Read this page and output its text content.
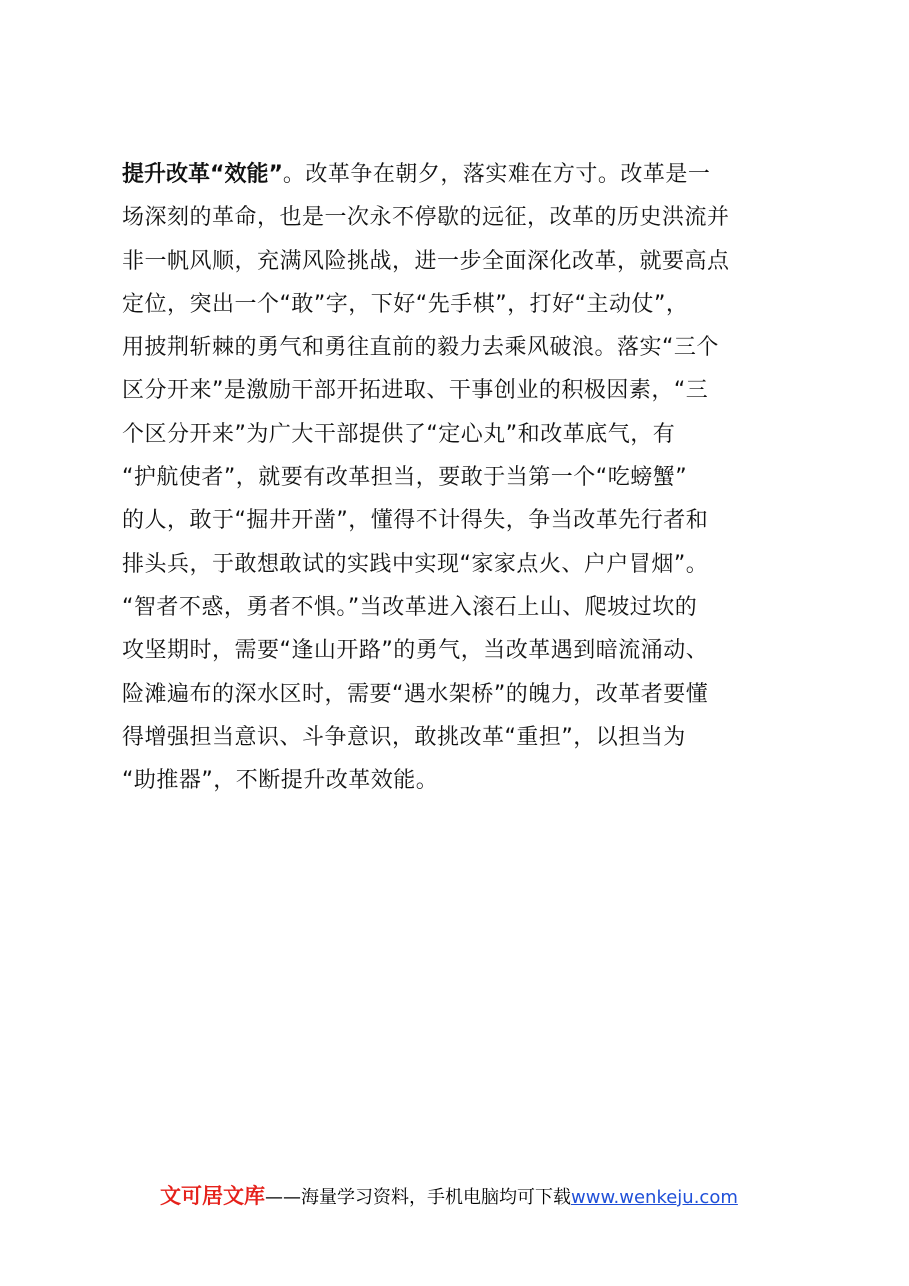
提升改革“效能”。改革争在朝夕，落实难在方寸。改革是一
场深刻的革命，也是一次永不停歇的远征，改革的历史洪流并
非一帆风顺，充满风险挑战，进一步全面深化改革，就要高点
定位，突出一个“敢”字，下好“先手棋”，打好“主动仗”，
用披荆斩棘的勇气和勇往直前的毅力去乘风破浪。落实“三个
区分开来”是激励干部开拓进取、干事创业的积极因素，“三
个区分开来”为广大干部提供了“定心丸”和改革底气，有
“护航使者”，就要有改革担当，要敢于当第一个“吃螃蟹”
的人，敢于“掘井开凿”，懂得不计得失，争当改革先行者和
排头兵，于敢想敢试的实践中实现“家家点火、户户冒烟”。
“智者不惑，勇者不惧。”当改革进入滚石上山、爬坡过坎的
攻坚期时，需要“逢山开路”的勇气，当改革遇到暗流涌动、
险滩遍布的深水区时，需要“遇水架桥”的魄力，改革者要懂
得增强担当意识、斗争意识，敢挑改革“重担”，以担当为
“助推器”，不断提升改革效能。
文可居文库——海量学习资料，手机电脑均可下载www.wenkeju.com
